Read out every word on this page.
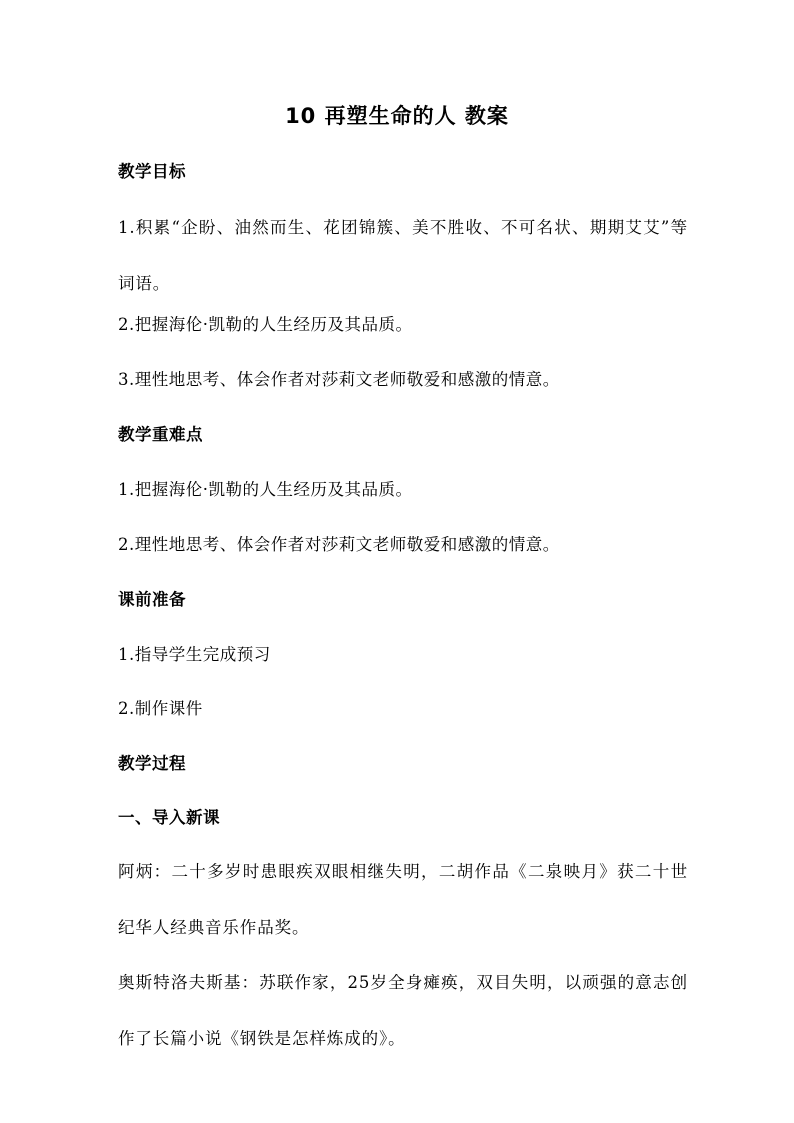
10 再塑生命的人 教案
教学目标
1.积累“企盼、油然而生、花团锦簇、美不胜收、不可名状、期期艾艾”等词语。
2.把握海伦·凯勒的人生经历及其品质。
3.理性地思考、体会作者对莎莉文老师敬爱和感激的情意。
教学重难点
1.把握海伦·凯勒的人生经历及其品质。
2.理性地思考、体会作者对莎莉文老师敬爱和感激的情意。
课前准备
1.指导学生完成预习
2.制作课件
教学过程
一、导入新课
阿炳：二十多岁时患眼疾双眼相继失明，二胡作品《二泉映月》获二十世纪华人经典音乐作品奖。
奥斯特洛夫斯基：苏联作家，25岁全身瘫痪，双目失明，以顽强的意志创作了长篇小说《钢铁是怎样炼成的》。
